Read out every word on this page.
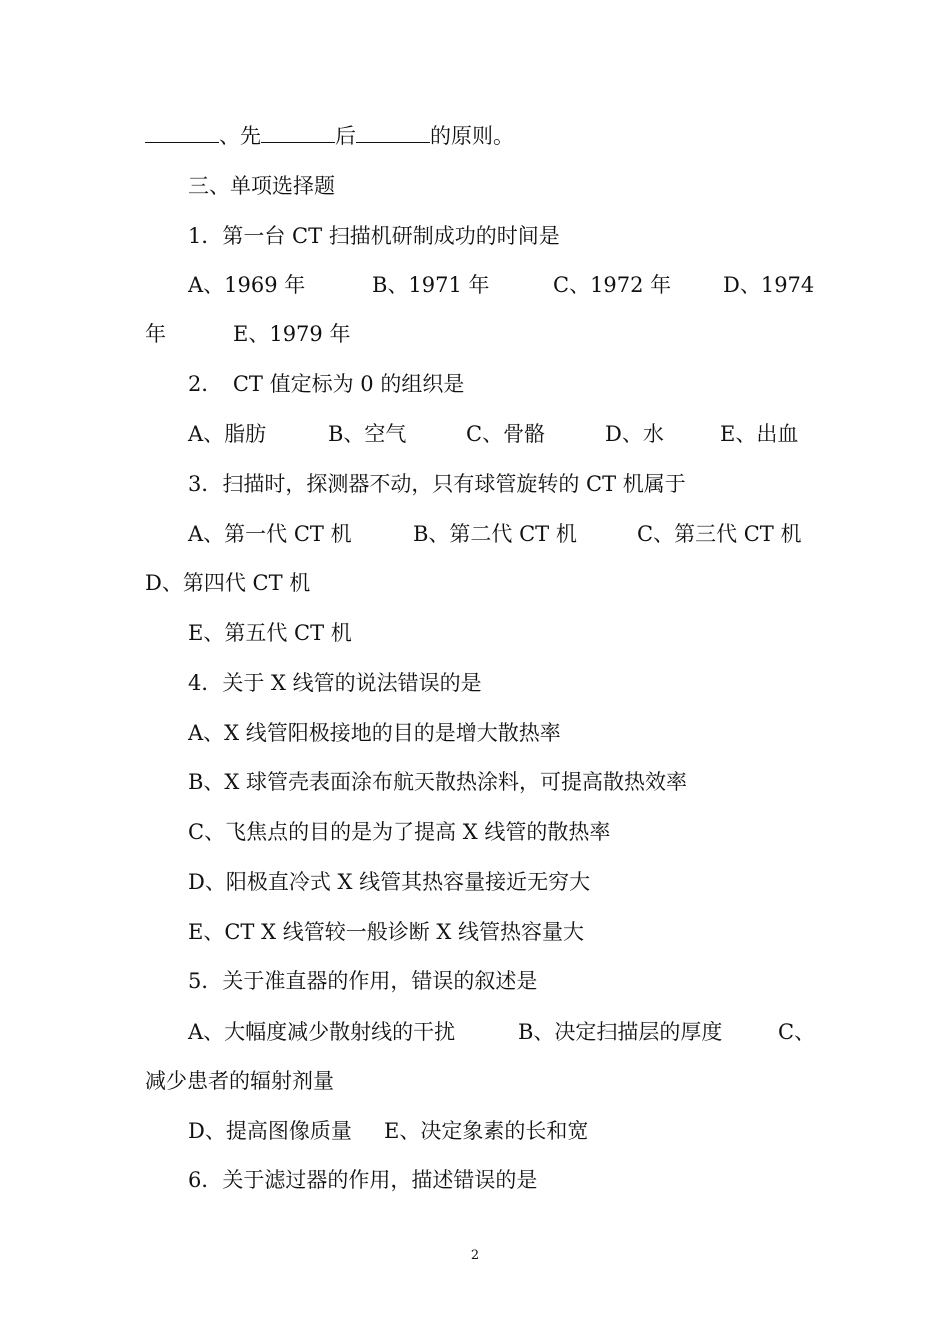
、先	后	的原则。
三、单项选择题
1．第一台 CT 扫描机研制成功的时间是
A、1969 年	B、1971 年	C、1972 年 D、1974
年	E、1979 年
2．　CT 值定标为 0 的组织是
A、脂肪	B、空气	C、骨骼	D、水	E、出血
3．扫描时，探测器不动，只有球管旋转的 CT 机属于
A、第一代 CT 机	B、第二代 CT 机	C、第三代 CT 机
D、第四代 CT 机
E、第五代 CT 机
4．关于 X 线管的说法错误的是
A、X 线管阳极接地的目的是增大散热率
B、X 球管壳表面涂布航天散热涂料，可提高散热效率
C、飞焦点的目的是为了提高 X 线管的散热率
D、阳极直冷式 X 线管其热容量接近无穷大
E、CT X 线管较一般诊断 X 线管热容量大
5．关于准直器的作用，错误的叙述是
A、大幅度减少散射线的干扰	B、决定扫描层的厚度	C、
减少患者的辐射剂量
D、提高图像质量 E、决定象素的长和宽
6．关于滤过器的作用，描述错误的是
2
